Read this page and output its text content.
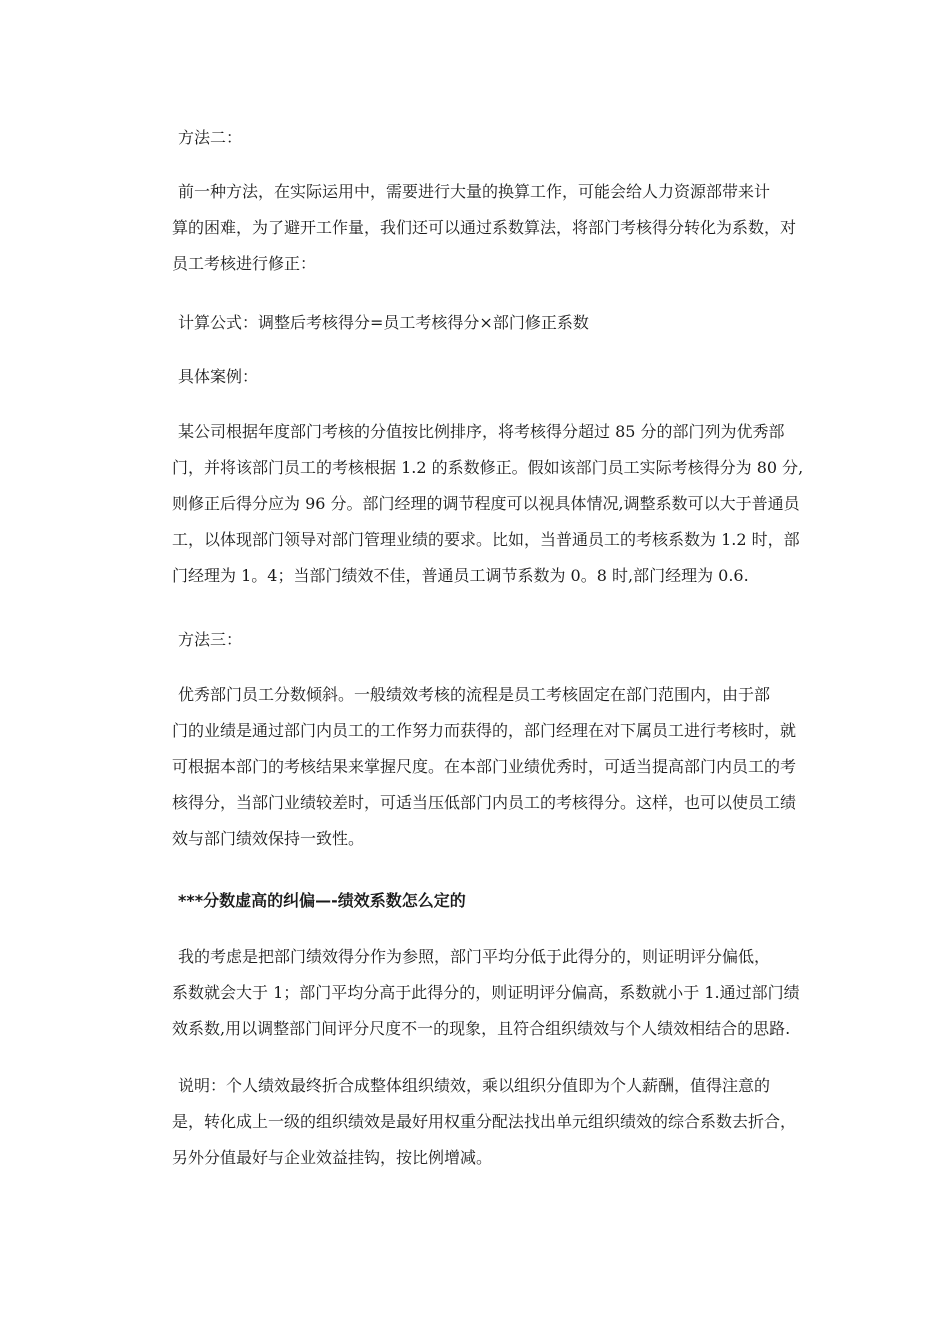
方法二：

前一种方法，在实际运用中，需要进行大量的换算工作，可能会给人力资源部带来计
算的困难，为了避开工作量，我们还可以通过系数算法，将部门考核得分转化为系数，对
员工考核进行修正：

计算公式：调整后考核得分=员工考核得分×部门修正系数

具体案例：

某公司根据年度部门考核的分值按比例排序，将考核得分超过 85 分的部门列为优秀部
门，并将该部门员工的考核根据 1.2 的系数修正。假如该部门员工实际考核得分为 80 分,
则修正后得分应为 96 分。部门经理的调节程度可以视具体情况,调整系数可以大于普通员
工，以体现部门领导对部门管理业绩的要求。比如，当普通员工的考核系数为 1.2 时，部
门经理为 1。4；当部门绩效不佳，普通员工调节系数为 0。8 时,部门经理为 0.6.

方法三：

优秀部门员工分数倾斜。一般绩效考核的流程是员工考核固定在部门范围内，由于部
门的业绩是通过部门内员工的工作努力而获得的，部门经理在对下属员工进行考核时，就
可根据本部门的考核结果来掌握尺度。在本部门业绩优秀时，可适当提高部门内员工的考
核得分，当部门业绩较差时，可适当压低部门内员工的考核得分。这样，也可以使员工绩
效与部门绩效保持一致性。

***分数虚高的纠偏—-绩效系数怎么定的

我的考虑是把部门绩效得分作为参照，部门平均分低于此得分的，则证明评分偏低，
系数就会大于 1；部门平均分高于此得分的，则证明评分偏高，系数就小于 1.通过部门绩
效系数,用以调整部门间评分尺度不一的现象，且符合组织绩效与个人绩效相结合的思路.
说明：个人绩效最终折合成整体组织绩效，乘以组织分值即为个人薪酬，值得注意的
是，转化成上一级的组织绩效是最好用权重分配法找出单元组织绩效的综合系数去折合，
另外分值最好与企业效益挂钩，按比例增减。
